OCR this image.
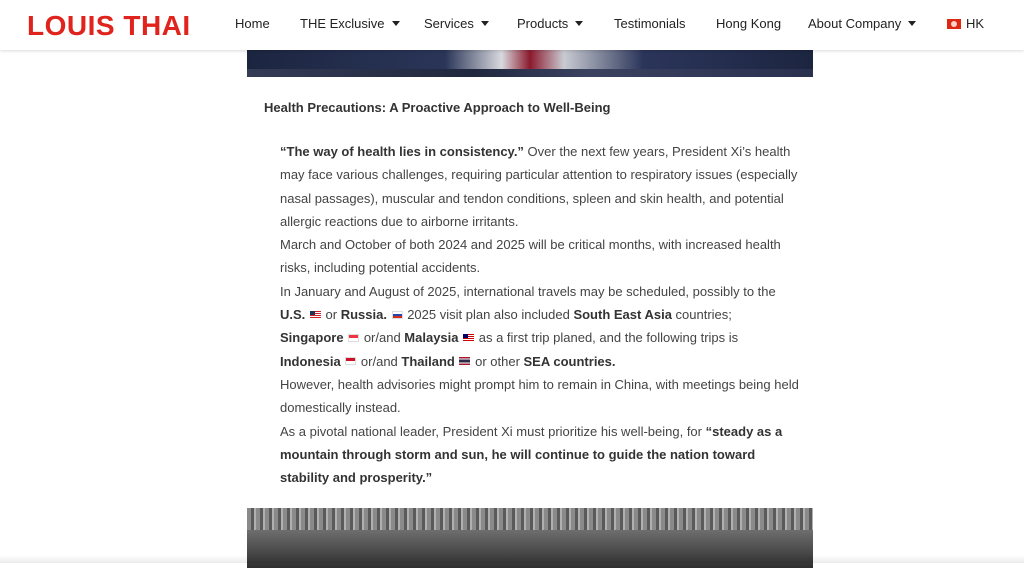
LOUIS THAI	Home THE Exclusive	Services	Products	Testimonials Hong Kong About Company	HK
Health Precautions: A Proactive Approach to Well-Being
“The way of health lies in consistency.” Over the next few years, President Xi’s health may face various challenges, requiring particular attention to respiratory issues (especially nasal passages), muscular and tendon conditions, spleen and skin health, and potential allergic reactions due to airborne irritants.
March and October of both 2024 and 2025 will be critical months, with increased health risks, including potential accidents.
In January and August of 2025, international travels may be scheduled, possibly to the
U.S.  or Russia.  2025 visit plan also included South East Asia countries;
Singapore  or/and Malaysia  as a first trip planed, and the following trips is
Indonesia  or/and Thailand  or other SEA countries.
However, health advisories might prompt him to remain in China, with meetings being held domestically instead.
As a pivotal national leader, President Xi must prioritize his well-being, for “steady as a mountain through storm and sun, he will continue to guide the nation toward stability and prosperity.”
